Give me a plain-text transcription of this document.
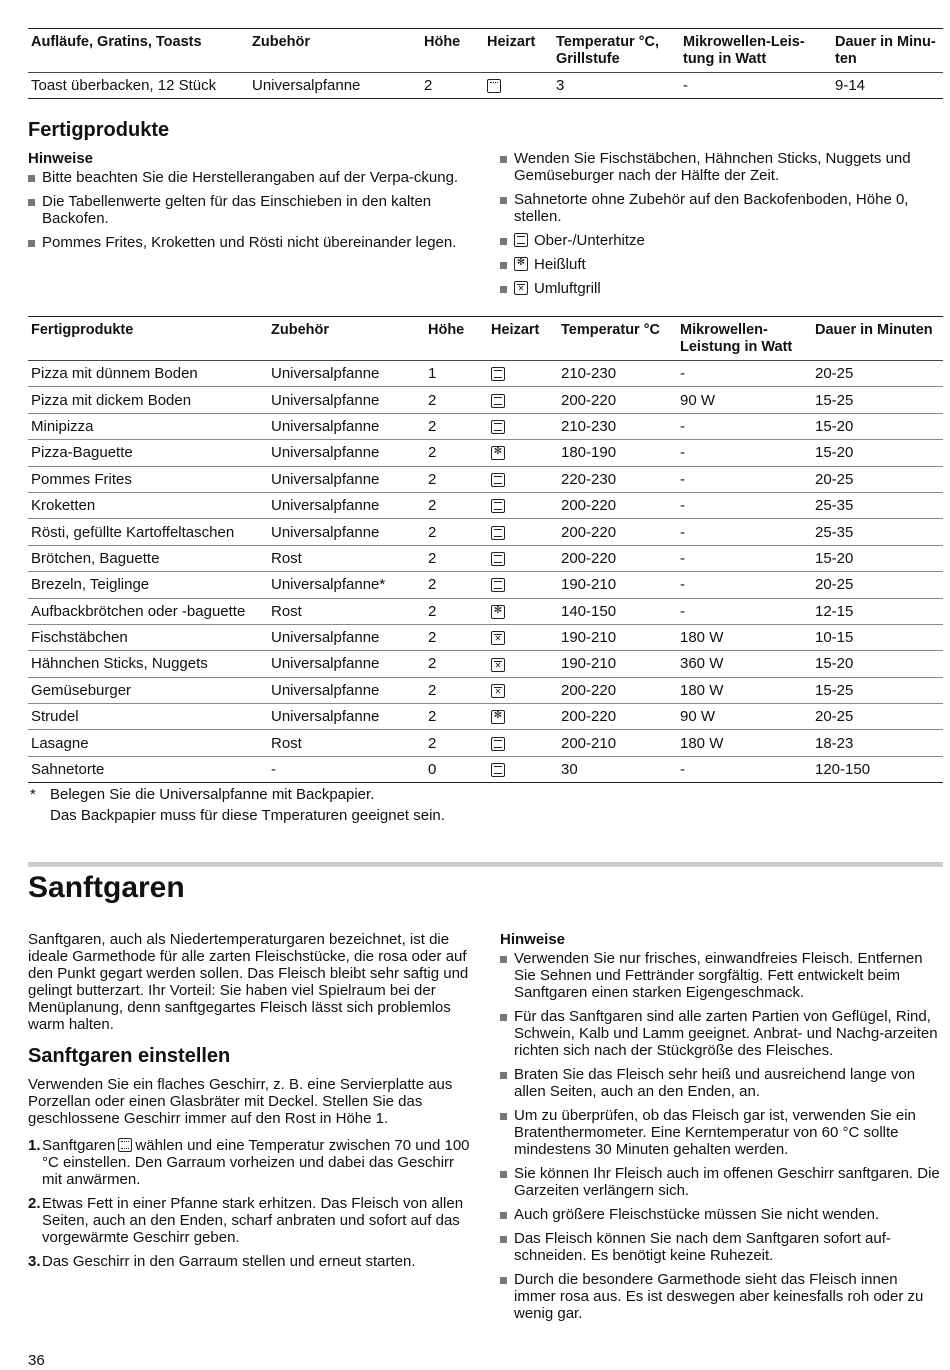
Aufläufe, Gratins, Toasts	Zubehör	Höhe	Heizart	Temperatur °C, Grillstufe	Mikrowellen-Leis-tung in Watt	Dauer in Minu-ten
Toast überbacken, 12 Stück	Universalpfanne	2		3	-	9-14
Fertigprodukte
Hinweise
Bitte beachten Sie die Herstellerangaben auf der Verpa-ckung.
Die Tabellenwerte gelten für das Einschieben in den kalten Backofen.
Pommes Frites, Kroketten und Rösti nicht übereinander legen.
Wenden Sie Fischstäbchen, Hähnchen Sticks, Nuggets und Gemüseburger nach der Hälfte der Zeit.
Sahnetorte ohne Zubehör auf den Backofenboden, Höhe 0, stellen.
Ober-/Unterhitze
✻Heißluft
✕Umluftgrill
Fertigprodukte	Zubehör	Höhe	Heizart	Temperatur °C	Mikrowellen-Leistung in Watt	Dauer in Minuten
Pizza mit dünnem Boden	Universalpfanne	1		210-230	-	20-25
Pizza mit dickem Boden	Universalpfanne	2		200-220	90 W	15-25
Minipizza	Universalpfanne	2		210-230	-	15-20
Pizza-Baguette	Universalpfanne	2	✻	180-190	-	15-20
Pommes Frites	Universalpfanne	2		220-230	-	20-25
Kroketten	Universalpfanne	2		200-220	-	25-35
Rösti, gefüllte Kartoffeltaschen	Universalpfanne	2		200-220	-	25-35
Brötchen, Baguette	Rost	2		200-220	-	15-20
Brezeln, Teiglinge	Universalpfanne*	2		190-210	-	20-25
Aufbackbrötchen oder -baguette	Rost	2	✻	140-150	-	12-15
Fischstäbchen	Universalpfanne	2	✕	190-210	180 W	10-15
Hähnchen Sticks, Nuggets	Universalpfanne	2	✕	190-210	360 W	15-20
Gemüseburger	Universalpfanne	2	✕	200-220	180 W	15-25
Strudel	Universalpfanne	2	✻	200-220	90 W	20-25
Lasagne	Rost	2		200-210	180 W	18-23
Sahnetorte	-	0		30	-	120-150
* Belegen Sie die Universalpfanne mit Backpapier.
Das Backpapier muss für diese Tmperaturen geeignet sein.
Sanftgaren

Sanftgaren, auch als Niedertemperaturgaren bezeichnet, ist die ideale Garmethode für alle zarten Fleischstücke, die rosa oder auf den Punkt gegart werden sollen. Das Fleisch bleibt sehr saftig und gelingt butterzart. Ihr Vorteil: Sie haben viel Spielraum bei der Menüplanung, denn sanftgegartes Fleisch lässt sich problemlos warm halten.

Sanftgaren einstellen

Verwenden Sie ein flaches Geschirr, z. B. eine Servierplatte aus Porzellan oder einen Glasbräter mit Deckel. Stellen Sie das geschlossene Geschirr immer auf den Rost in Höhe 1.

1. Sanftgaren wählen und eine Temperatur zwischen 70 und 100 °C einstellen. Den Garraum vorheizen und dabei das Geschirr mit anwärmen.
2. Etwas Fett in einer Pfanne stark erhitzen. Das Fleisch von allen Seiten, auch an den Enden, scharf anbraten und sofort auf das vorgewärmte Geschirr geben.
3. Das Geschirr in den Garraum stellen und erneut starten.
Hinweise
Verwenden Sie nur frisches, einwandfreies Fleisch. Entfernen Sie Sehnen und Fettränder sorgfältig. Fett entwickelt beim Sanftgaren einen starken Eigengeschmack.
Für das Sanftgaren sind alle zarten Partien von Geflügel, Rind, Schwein, Kalb und Lamm geeignet. Anbrat- und Nachg-arzeiten richten sich nach der Stückgröße des Fleisches.
Braten Sie das Fleisch sehr heiß und ausreichend lange von allen Seiten, auch an den Enden, an.
Um zu überprüfen, ob das Fleisch gar ist, verwenden Sie ein Bratenthermometer. Eine Kerntemperatur von 60 °C sollte mindestens 30 Minuten gehalten werden.
Sie können Ihr Fleisch auch im offenen Geschirr sanftgaren. Die Garzeiten verlängern sich.
Auch größere Fleischstücke müssen Sie nicht wenden.
Das Fleisch können Sie nach dem Sanftgaren sofort auf-schneiden. Es benötigt keine Ruhezeit.
Durch die besondere Garmethode sieht das Fleisch innen immer rosa aus. Es ist deswegen aber keinesfalls roh oder zu wenig gar.
36
